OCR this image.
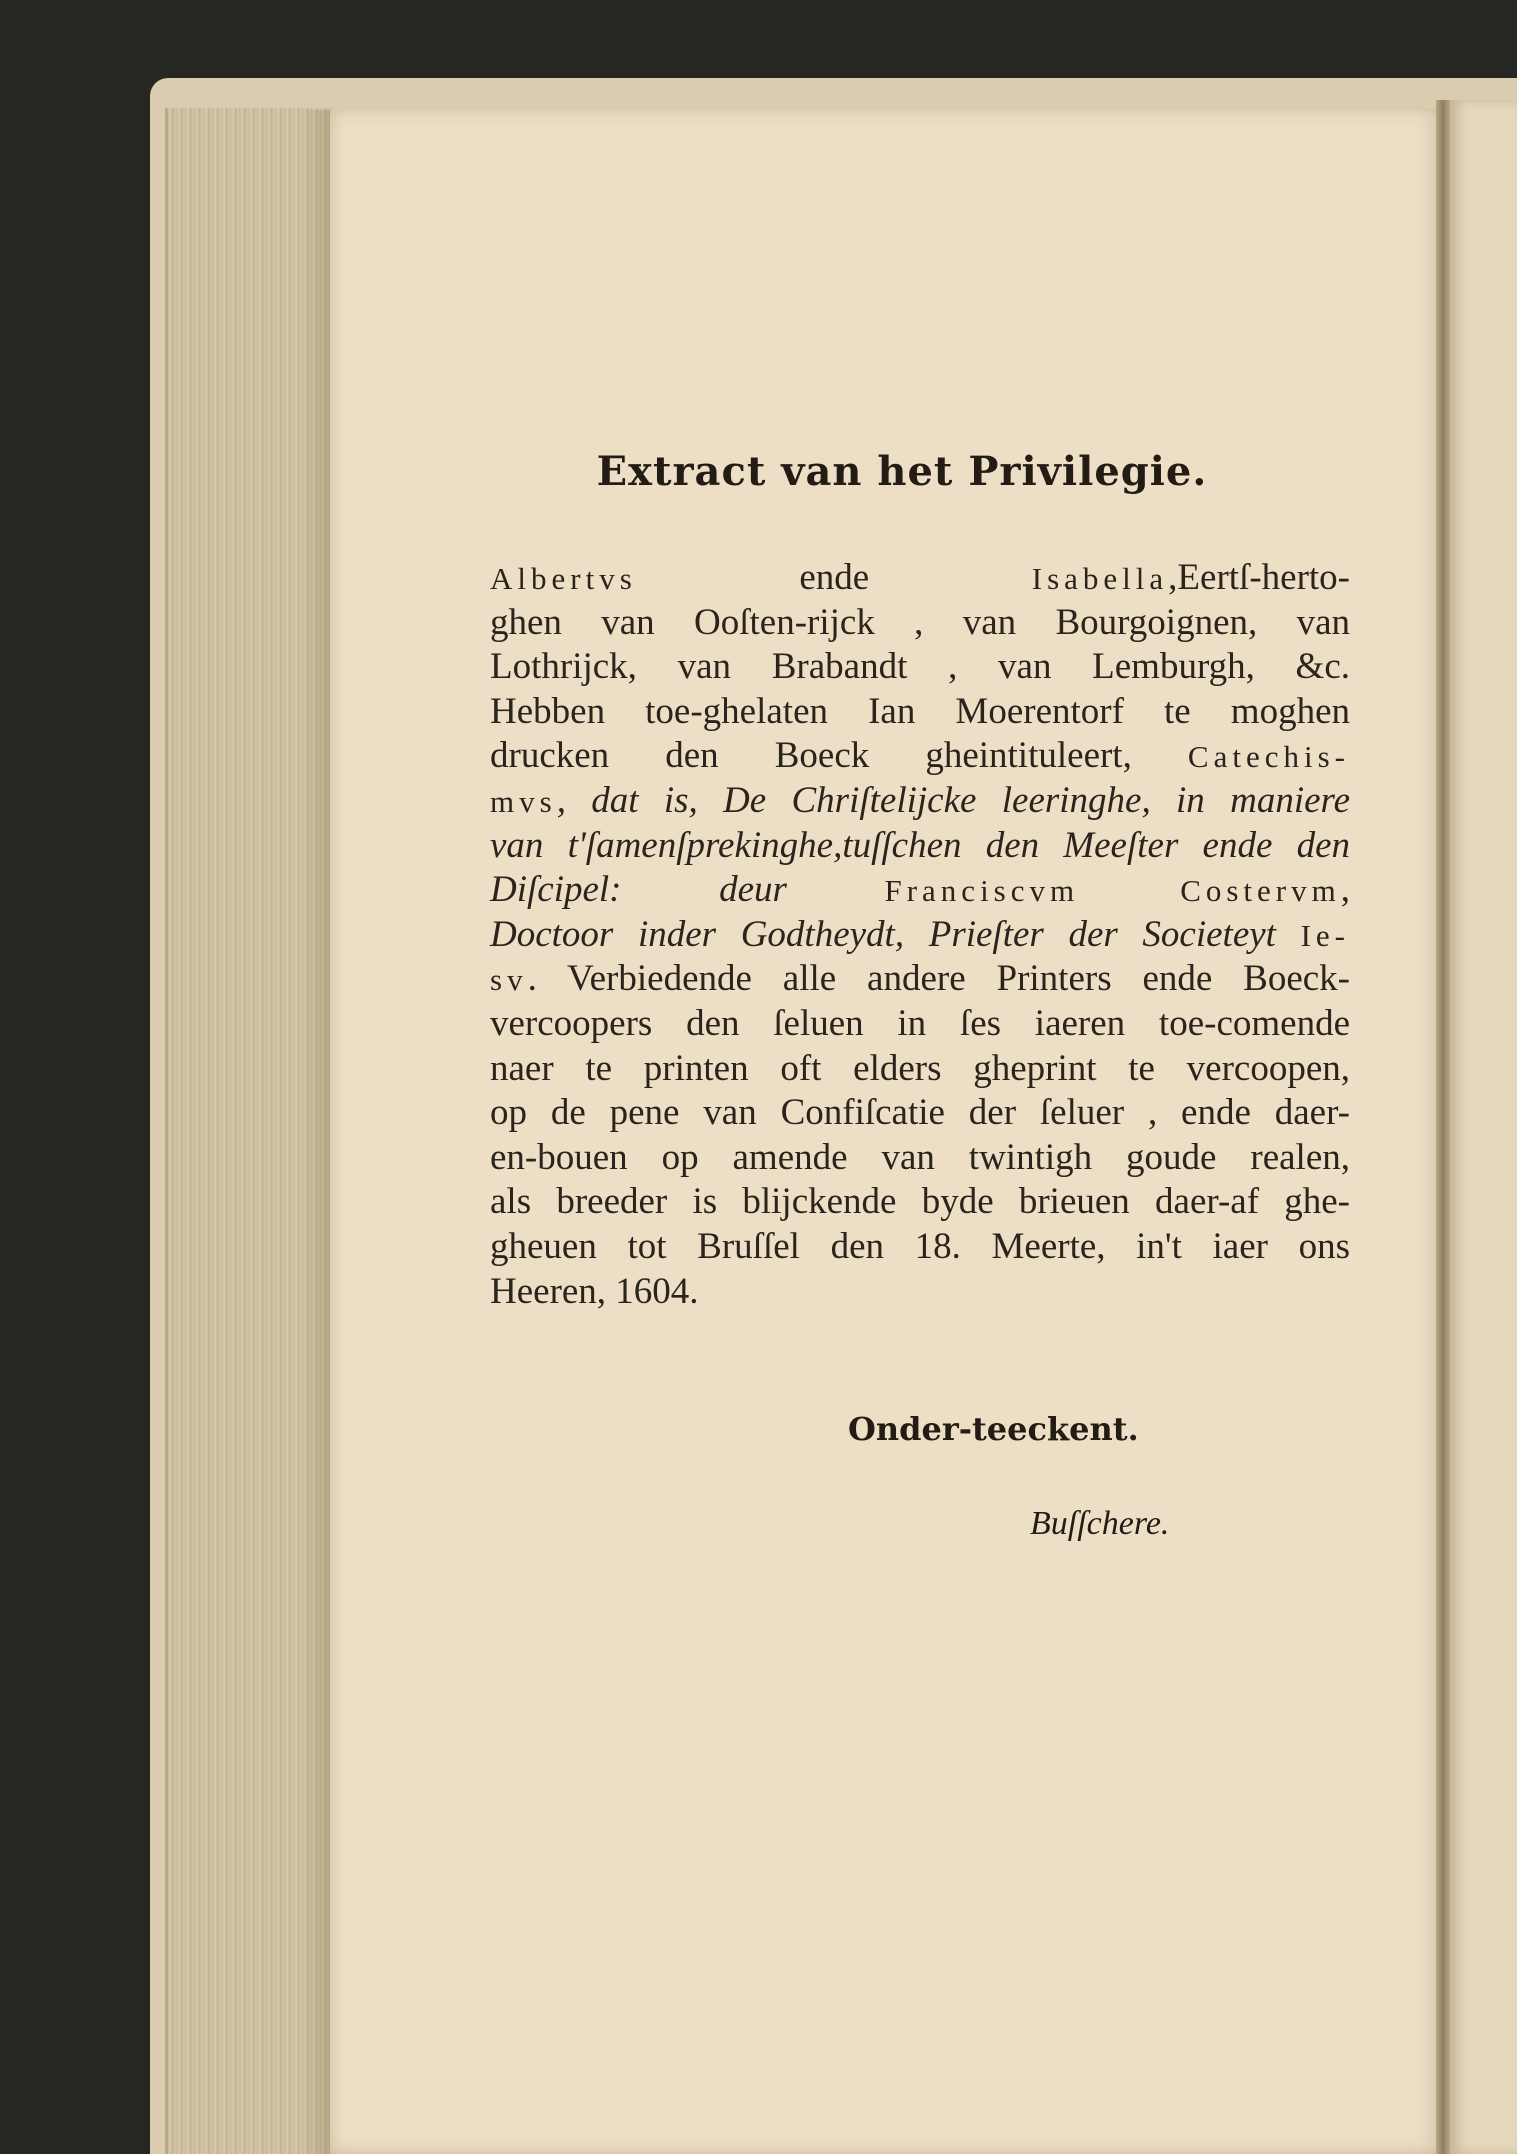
Extract van het Privilegie.
Albertvs ende Isabella,Eertſ-herto-
ghen van Ooſten-rijck , van Bourgoignen, van
Lothrijck, van Brabandt , van Lemburgh, &c.
Hebben toe-ghelaten Ian Moerentorf te moghen
drucken den Boeck gheintituleert, Catechis-
mvs, dat is, De Chriſtelijcke leeringhe, in maniere
van t'ſamenſprekinghe,tuſſchen den Meeſter ende den
Diſcipel: deur Franciscvm Costervm,
Doctoor inder Godtheydt, Prieſter der Societeyt Ie-
sv. Verbiedende alle andere Printers ende Boeck-
vercoopers den ſeluen in ſes iaeren toe-comende
naer te printen oft elders gheprint te vercoopen,
op de pene van Confiſcatie der ſeluer , ende daer-
en-bouen op amende van twintigh goude realen,
als breeder is blijckende byde brieuen daer-af ghe-
gheuen tot Bruſſel den 18. Meerte, in't iaer ons
Heeren, 1604.
Onder-teeckent.
Buſſchere.
